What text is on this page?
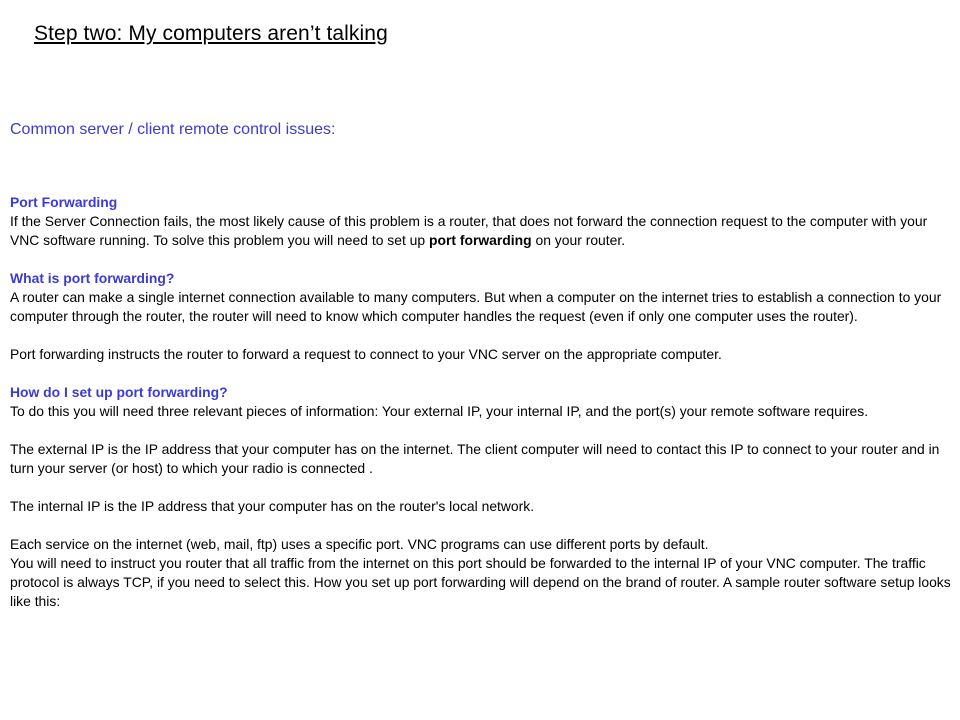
Step two: My computers aren’t talking
Common server / client remote control issues:
Port Forwarding

If the Server Connection fails, the most likely cause of this problem is a router, that does not forward the connection request to the computer with your VNC software running. To solve this problem you will need to set up port forwarding on your router.

What is port forwarding?

A router can make a single internet connection available to many computers. But when a computer on the internet tries to establish a connection to your computer through the router, the router will need to know which computer handles the request (even if only one computer uses the router).

Port forwarding instructs the router to forward a request to connect to your VNC server on the appropriate computer.

How do I set up port forwarding?

To do this you will need three relevant pieces of information: Your external IP, your internal IP, and the port(s) your remote software requires.

The external IP is the IP address that your computer has on the internet. The client computer will need to contact this IP to connect to your router and in turn your server (or host) to which your radio is connected .

The internal IP is the IP address that your computer has on the router's local network.

Each service on the internet (web, mail, ftp) uses a specific port. VNC programs can use different ports by default.

You will need to instruct you router that all traffic from the internet on this port should be forwarded to the internal IP of your VNC computer. The traffic protocol is always TCP, if you need to select this. How you set up port forwarding will depend on the brand of router. A sample router software setup looks like this:
